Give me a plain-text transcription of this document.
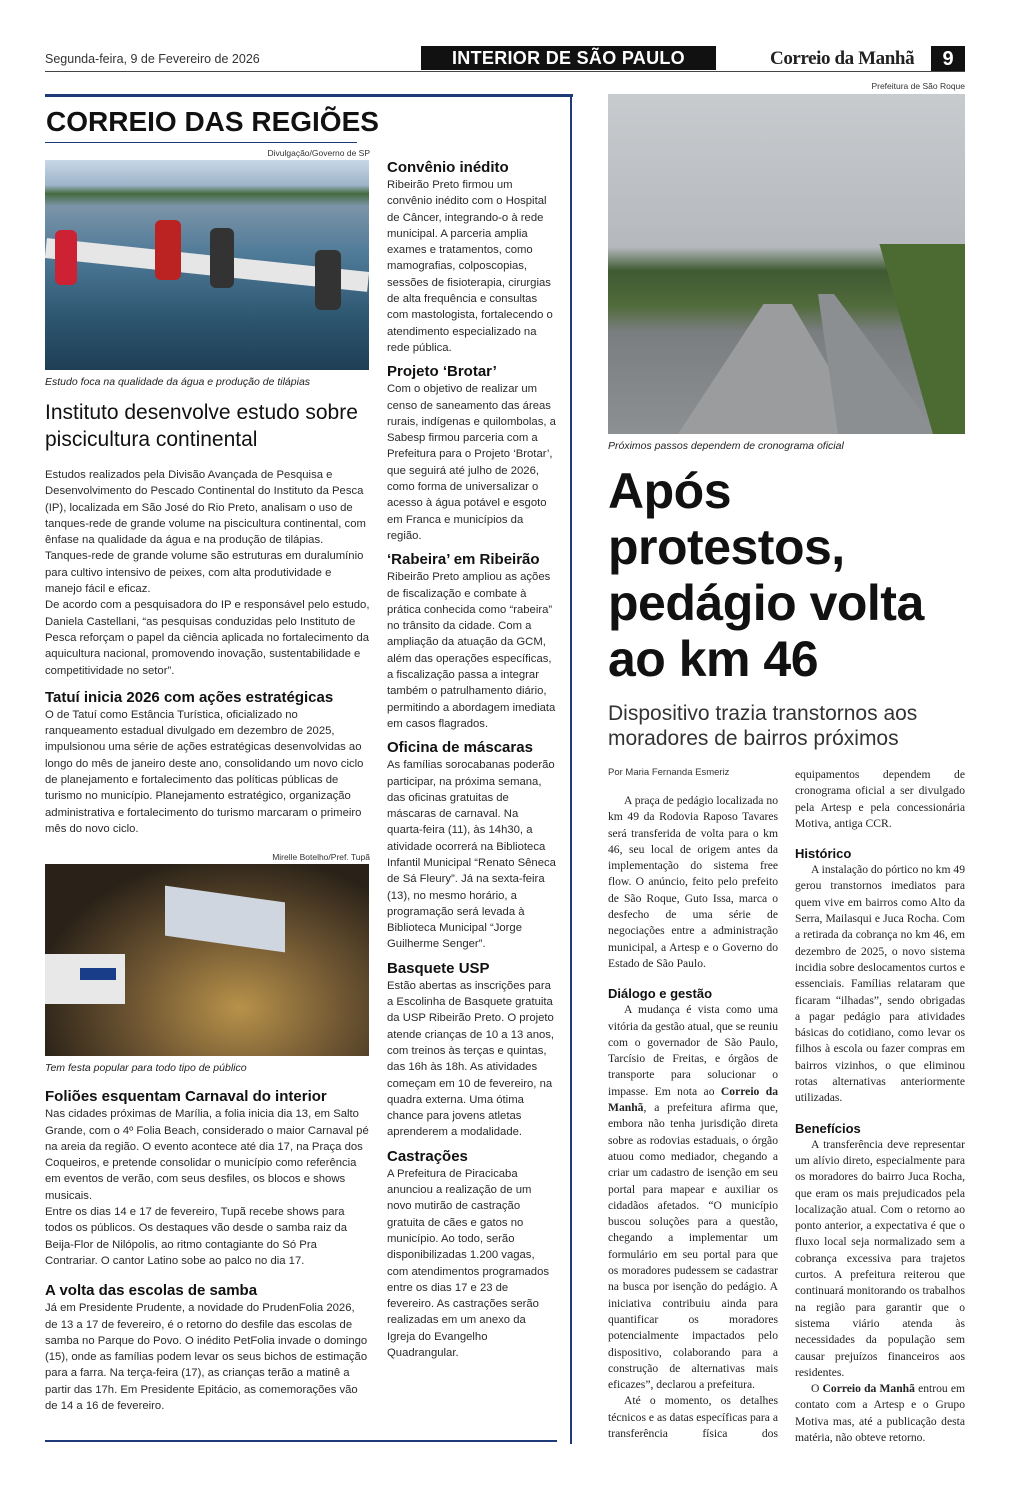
Segunda-feira, 9 de Fevereiro de 2026	INTERIOR DE SÃO PAULO	Correio da Manhã	9
CORREIO DAS REGIÕES
Divulgação/Governo de SP
Estudo foca na qualidade da água e produção de tilápias
Instituto desenvolve estudo sobre piscicultura continental

Estudos realizados pela Divisão Avançada de Pesquisa e Desenvolvimento do Pescado Continental do Instituto da Pesca (IP), localizada em São José do Rio Preto, analisam o uso de tanques-rede de grande volume na piscicultura continental, com ênfase na qualidade da água e na produção de tilápias. Tanques-rede de grande volume são estruturas em duralumínio para cultivo intensivo de peixes, com alta produtividade e manejo fácil e eficaz.

De acordo com a pesquisadora do IP e responsável pelo estudo, Daniela Castellani, “as pesquisas conduzidas pelo Instituto de Pesca reforçam o papel da ciência aplicada no fortalecimento da aquicultura nacional, promovendo inovação, sustentabilidade e competitividade no setor”.

Tatuí inicia 2026 com ações estratégicas

O de Tatuí como Estância Turística, oficializado no ranqueamento estadual divulgado em dezembro de 2025, impulsionou uma série de ações estratégicas desenvolvidas ao longo do mês de janeiro deste ano, consolidando um novo ciclo de planejamento e fortalecimento das políticas públicas de turismo no município. Planejamento estratégico, organização administrativa e fortalecimento do turismo marcaram o primeiro mês do novo ciclo.

Mirelle Botelho/Pref. Tupã
Tem festa popular para todo tipo de público
Foliões esquentam Carnaval do interior

Nas cidades próximas de Marília, a folia inicia dia 13, em Salto Grande, com o 4º Folia Beach, considerado o maior Carnaval pé na areia da região. O evento acontece até dia 17, na Praça dos Coqueiros, e pretende consolidar o município como referência em eventos de verão, com seus desfiles, os blocos e shows musicais.

Entre os dias 14 e 17 de fevereiro, Tupã recebe shows para todos os públicos. Os destaques vão desde o samba raiz da Beija-Flor de Nilópolis, ao ritmo contagiante do Só Pra Contrariar. O cantor Latino sobe ao palco no dia 17.

A volta das escolas de samba

Já em Presidente Prudente, a novidade do PrudenFolia 2026, de 13 a 17 de fevereiro, é o retorno do desfile das escolas de samba no Parque do Povo. O inédito PetFolia invade o domingo (15), onde as famílias podem levar os seus bichos de estimação para a farra. Na terça-feira (17), as crianças terão a matinê a partir das 17h. Em Presidente Epitácio, as comemorações vão de 14 a 16 de fevereiro.

Convênio inédito

Ribeirão Preto firmou um convênio inédito com o Hospital de Câncer, integrando-o à rede municipal. A parceria amplia exames e tratamentos, como mamografias, colposcopias, sessões de fisioterapia, cirurgias de alta frequência e consultas com mastologista, fortalecendo o atendimento especializado na rede pública.

Projeto ‘Brotar’

Com o objetivo de realizar um censo de saneamento das áreas rurais, indígenas e quilombolas, a Sabesp firmou parceria com a Prefeitura para o Projeto ‘Brotar’, que seguirá até julho de 2026, como forma de universalizar o acesso à água potável e esgoto em Franca e municípios da região.

‘Rabeira’ em Ribeirão

Ribeirão Preto ampliou as ações de fiscalização e combate à prática conhecida como “rabeira” no trânsito da cidade. Com a ampliação da atuação da GCM, além das operações específicas, a fiscalização passa a integrar também o patrulhamento diário, permitindo a abordagem imediata em casos flagrados.

Oficina de máscaras

As famílias sorocabanas poderão participar, na próxima semana, das oficinas gratuitas de máscaras de carnaval. Na quarta-feira (11), às 14h30, a atividade ocorrerá na Biblioteca Infantil Municipal “Renato Sêneca de Sá Fleury”. Já na sexta-feira (13), no mesmo horário, a programação será levada à Biblioteca Municipal “Jorge Guilherme Senger”.

Basquete USP

Estão abertas as inscrições para a Escolinha de Basquete gratuita da USP Ribeirão Preto. O projeto atende crianças de 10 a 13 anos, com treinos às terças e quintas, das 16h às 18h. As atividades começam em 10 de fevereiro, na quadra externa. Uma ótima chance para jovens atletas aprenderem a modalidade.

Castrações

A Prefeitura de Piracicaba anunciou a realização de um novo mutirão de castração gratuita de cães e gatos no município. Ao todo, serão disponibilizadas 1.200 vagas, com atendimentos programados entre os dias 17 e 23 de fevereiro. As castrações serão realizadas em um anexo da Igreja do Evangelho Quadrangular.

Prefeitura de São Roque
Próximos passos dependem de cronograma oficial
Após protestos, pedágio volta ao km 46
Dispositivo trazia transtornos aos moradores de bairros próximos
Por Maria Fernanda Esmeriz

A praça de pedágio localizada no km 49 da Rodovia Raposo Tavares será transferida de volta para o km 46, seu local de origem antes da implementação do sistema free flow. O anúncio, feito pelo prefeito de São Roque, Guto Issa, marca o desfecho de uma série de negociações entre a administração municipal, a Artesp e o Governo do Estado de São Paulo.

Diálogo e gestão

A mudança é vista como uma vitória da gestão atual, que se reuniu com o governador de São Paulo, Tarcísio de Freitas, e órgãos de transporte para solucionar o impasse. Em nota ao Correio da Manhã, a prefeitura afirma que, embora não tenha jurisdição direta sobre as rodovias estaduais, o órgão atuou como mediador, chegando a criar um cadastro de isenção em seu portal para mapear e auxiliar os cidadãos afetados. “O município buscou soluções para a questão, chegando a implementar um formulário em seu portal para que os moradores pudessem se cadastrar na busca por isenção do pedágio. A iniciativa contribuiu ainda para quantificar os moradores potencialmente impactados pelo dispositivo, colaborando para a construção de alternativas mais eficazes”, declarou a prefeitura.

Até o momento, os detalhes técnicos e as datas específicas para a transferência física dos equipamentos dependem de cronograma oficial a ser divulgado pela Artesp e pela concessionária Motiva, antiga CCR.

Histórico

A instalação do pórtico no km 49 gerou transtornos imediatos para quem vive em bairros como Alto da Serra, Mailasqui e Juca Rocha. Com a retirada da cobrança no km 46, em dezembro de 2025, o novo sistema incidia sobre deslocamentos curtos e essenciais. Famílias relataram que ficaram “ilhadas”, sendo obrigadas a pagar pedágio para atividades básicas do cotidiano, como levar os filhos à escola ou fazer compras em bairros vizinhos, o que eliminou rotas alternativas anteriormente utilizadas.

Benefícios

A transferência deve representar um alívio direto, especialmente para os moradores do bairro Juca Rocha, que eram os mais prejudicados pela localização atual. Com o retorno ao ponto anterior, a expectativa é que o fluxo local seja normalizado sem a cobrança excessiva para trajetos curtos. A prefeitura reiterou que continuará monitorando os trabalhos na região para garantir que o sistema viário atenda às necessidades da população sem causar prejuízos financeiros aos residentes.

O Correio da Manhã entrou em contato com a Artesp e o Grupo Motiva mas, até a publicação desta matéria, não obteve retorno.
